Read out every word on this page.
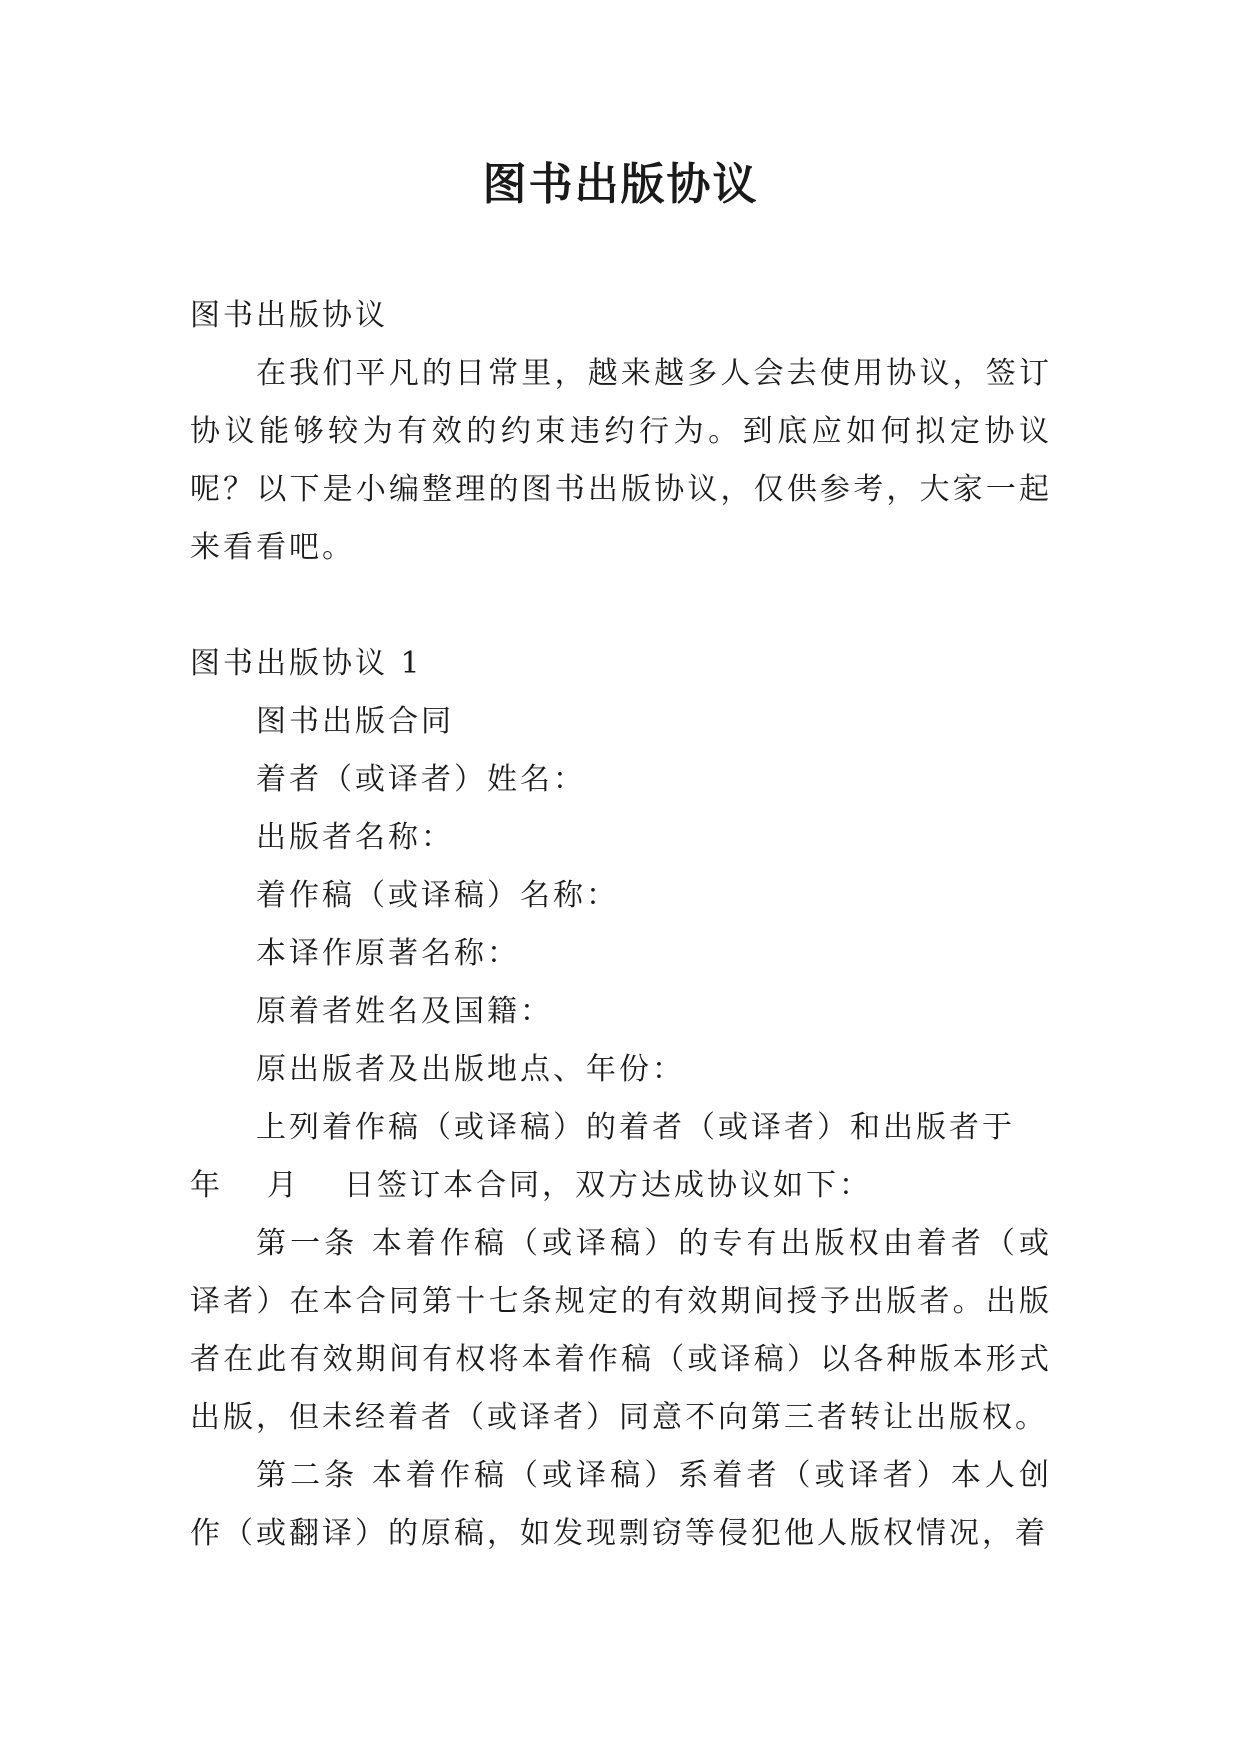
图书出版协议

图书出版协议

在我们平凡的日常里，越来越多人会去使用协议，签订协议能够较为有效的约束违约行为。到底应如何拟定协议呢？以下是小编整理的图书出版协议，仅供参考，大家一起来看看吧。

图书出版协议 1

图书出版合同

着者（或译者）姓名：

出版者名称：

着作稿（或译稿）名称：

本译作原著名称：

原着者姓名及国籍：

原出版者及出版地点、年份：

上列着作稿（或译稿）的着者（或译者）和出版者于

年 月 日签订本合同，双方达成协议如下：

第一条 本着作稿（或译稿）的专有出版权由着者（或译者）在本合同第十七条规定的有效期间授予出版者。出版者在此有效期间有权将本着作稿（或译稿）以各种版本形式出版，但未经着者（或译者）同意不向第三者转让出版权。

第二条 本着作稿（或译稿）系着者（或译者）本人创作（或翻译）的原稿，如发现剽窃等侵犯他人版权情况，着
